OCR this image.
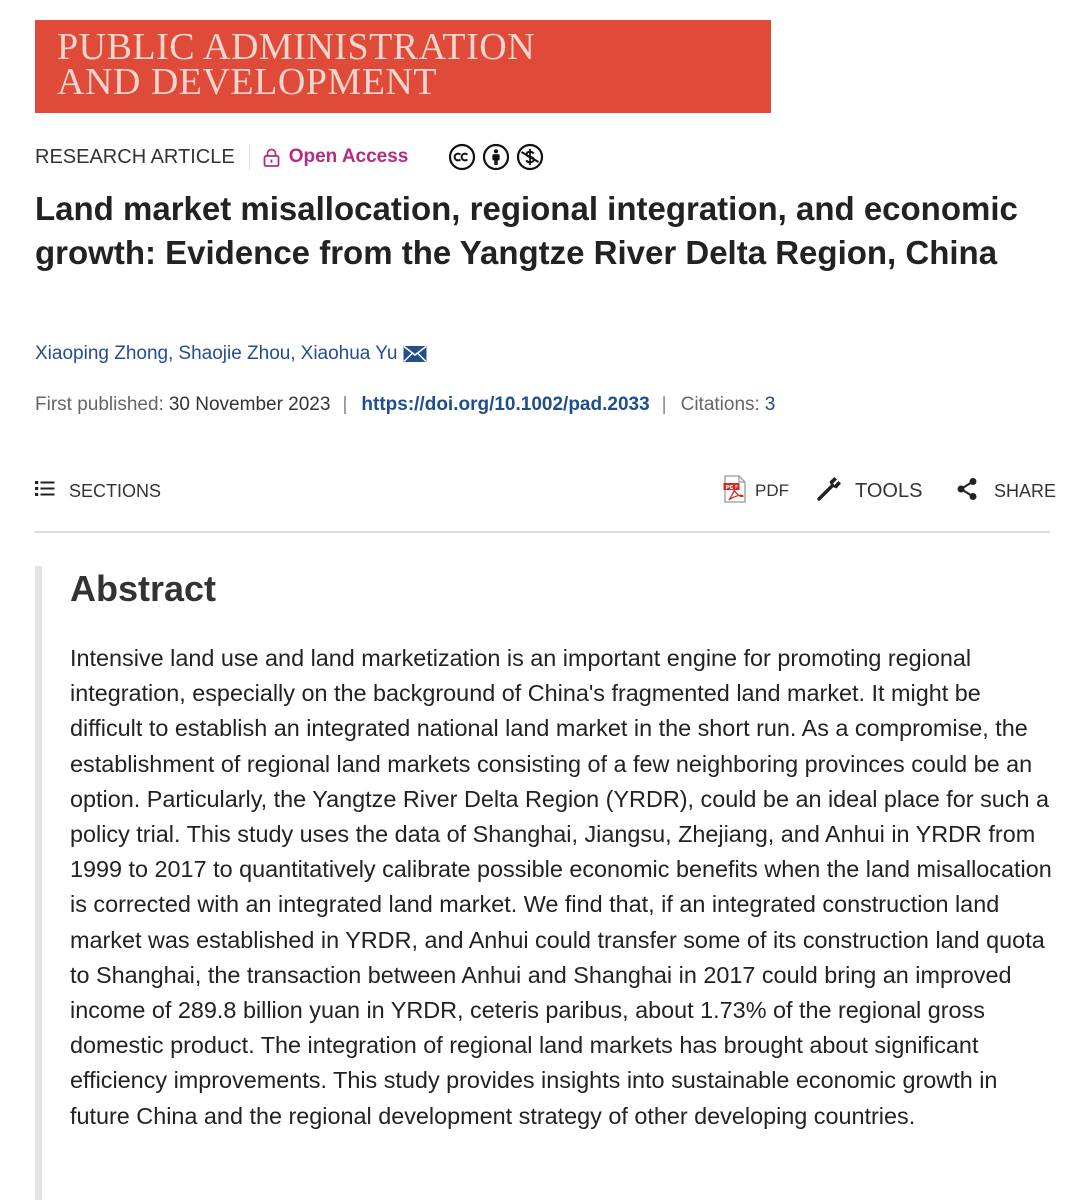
PUBLIC ADMINISTRATION
AND DEVELOPMENT
RESEARCH ARTICLE	Open Access
Land market misallocation, regional integration, and economic growth: Evidence from the Yangtze River Delta Region, China
Xiaoping Zhong , Shaojie Zhou , Xiaohua Yu
First published: 30 November 2023 | https://doi.org/10.1002/pad.2033 | Citations: 3
SECTIONS	PDF PDF	TOOLS	SHARE
Abstract

Intensive land use and land marketization is an important engine for promoting regional integration, especially on the background of China's fragmented land market. It might be difficult to establish an integrated national land market in the short run. As a compromise, the establishment of regional land markets consisting of a few neighboring provinces could be an option. Particularly, the Yangtze River Delta Region (YRDR), could be an ideal place for such a policy trial. This study uses the data of Shanghai, Jiangsu, Zhejiang, and Anhui in YRDR from 1999 to 2017 to quantitatively calibrate possible economic benefits when the land misallocation is corrected with an integrated land market. We find that, if an integrated construction land market was established in YRDR, and Anhui could transfer some of its construction land quota to Shanghai, the transaction between Anhui and Shanghai in 2017 could bring an improved income of 289.8 billion yuan in YRDR, ceteris paribus, about 1.73% of the regional gross domestic product. The integration of regional land markets has brought about significant efficiency improvements. This study provides insights into sustainable economic growth in future China and the regional development strategy of other developing countries.
